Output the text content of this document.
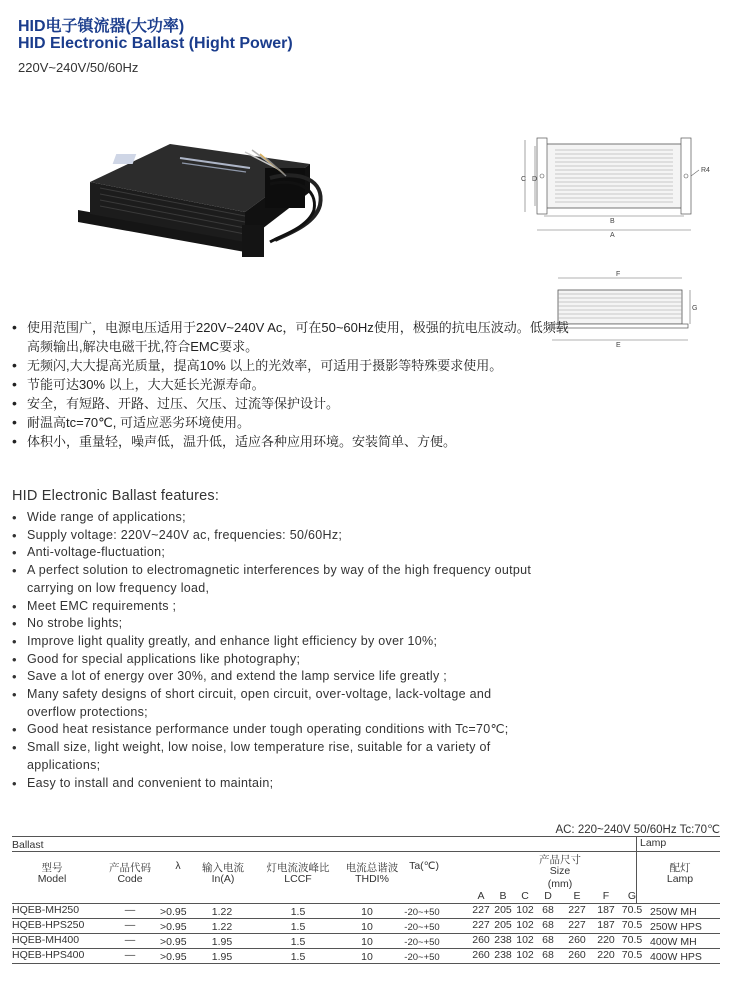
HID电子镇流器(大功率)
HID Electronic Ballast (Hight Power)
220V~240V/50/60Hz
C D
B
A
R4
F
G
E
• 使用范围广，电源电压适用于220V~240V Ac，可在50~60Hz使用，极强的抗电压波动。低频载高频输出,解决电磁干扰,符合EMC要求。
• 无频闪,大大提高光质量，提高10% 以上的光效率，可适用于摄影等特殊要求使用。
• 节能可达30% 以上，大大延长光源寿命。
• 安全，有短路、开路、过压、欠压、过流等保护设计。
• 耐温高tc=70℃, 可适应恶劣环境使用。
• 体积小，重量轻，噪声低，温升低，适应各种应用环境。安装简单、方便。
HID Electronic Ballast features:
• Wide range of applications;
• Supply voltage: 220V~240V ac, frequencies: 50/60Hz;
• Anti-voltage-fluctuation;
• A perfect solution to electromagnetic interferences by way of the high frequency output carrying on low frequency load,
• Meet EMC requirements ;
• No strobe lights;
• Improve light quality greatly, and enhance light efficiency by over 10%;
• Good for special applications like photography;
• Save a lot of energy over 30%, and extend the lamp service life greatly ;
• Many safety designs of short circuit, open circuit, over-voltage, lack-voltage and overflow protections;
• Good heat resistance performance under tough operating conditions with Tc=70℃;
• Small size, light weight, low noise, low temperature rise, suitable for a variety of applications;
• Easy to install and convenient to maintain;
AC: 220~240V 50/60Hz Tc:70℃
Ballast	Lamp
型号
Model
产品代码
Code
λ	输入电流
In(A)
灯电流波峰比
LCCF
电流总谐波
THDI%
Ta(℃)	产品尺寸
Size
(mm)
配灯
Lamp
A	B	C	D	E	F	G
HQEB-MH250	—	>0.95	1.22	1.5	10	-20~+50	227 205 102 68	227	187 70.5 250W MH
HQEB-HPS250	—	>0.95	1.22	1.5	10	-20~+50	227 205 102 68	227	187 70.5 250W HPS
HQEB-MH400	—	>0.95	1.95	1.5	10	-20~+50	260 238 102 68	260	220 70.5 400W MH
HQEB-HPS400	—	>0.95	1.95	1.5	10	-20~+50	260 238 102 68	260	220 70.5 400W HPS
